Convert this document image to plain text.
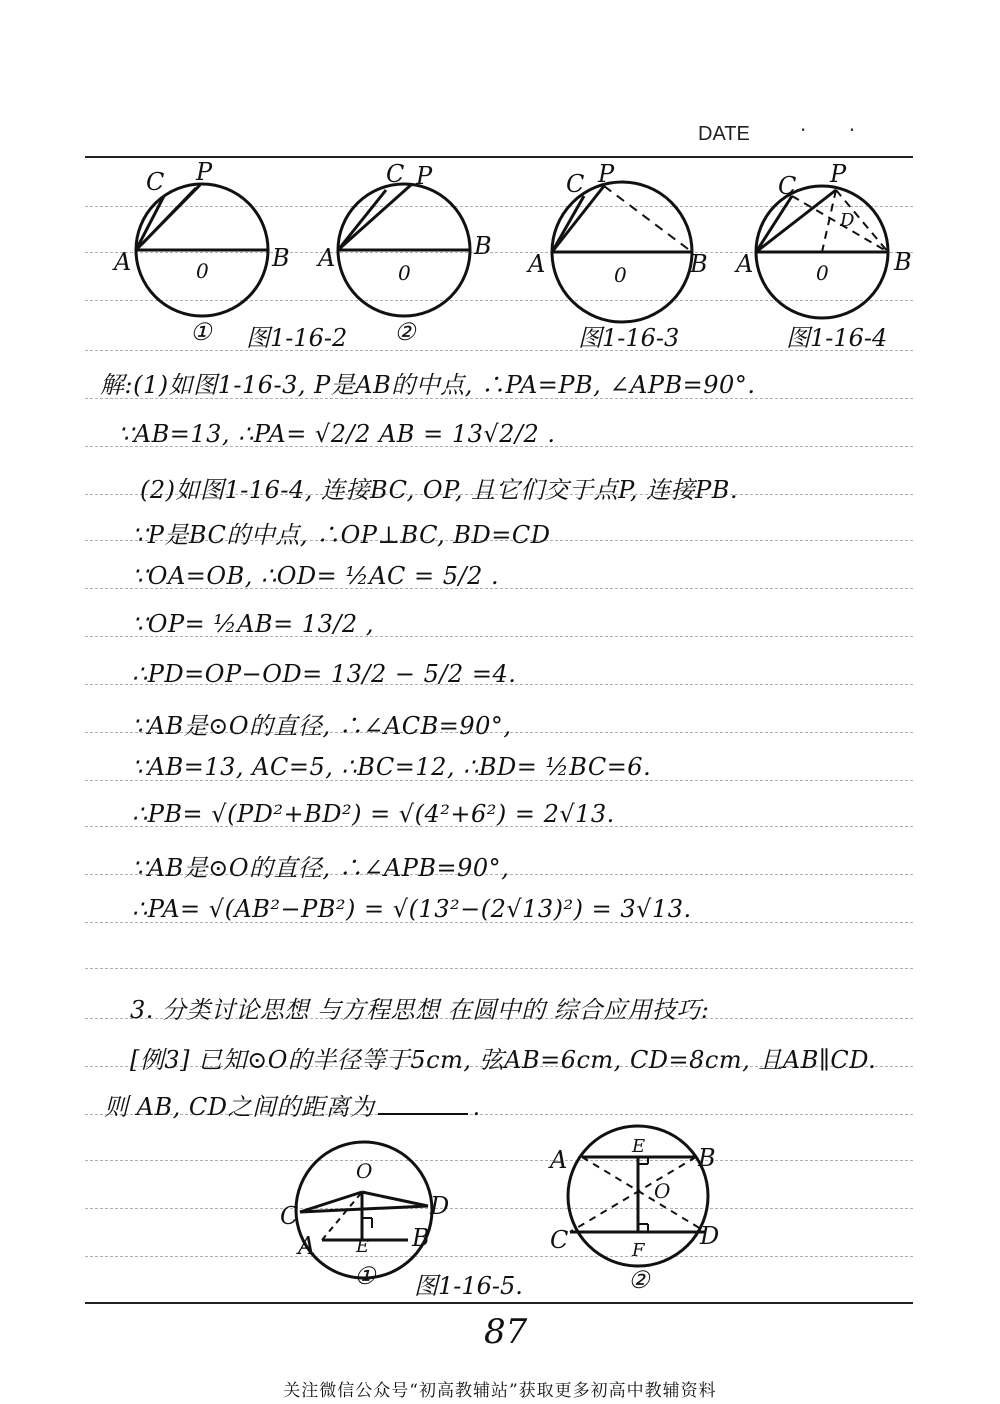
DATE	· ·
C P
A	B
0
C P
A	B
0
C P
A	B
0
C P
A	B
0
D
① 图1-16-2 ②	图1-16-3	图1-16-4
O
C	D
A	B
E
① 图1-16-5.
A	B
E
O
C	D
F
②
解:(1)如图1-16-3, P是AB的中点, ∴PA=PB, ∠APB=90°.
∵AB=13, ∴PA= √2/2 AB = 13√2/2 .
(2)如图1-16-4, 连接BC, OP, 且它们交于点P, 连接PB.
∵P是BC的中点, ∴OP⊥BC, BD=CD
∵OA=OB, ∴OD= ½AC = 5/2 .
∵OP= ½AB= 13/2 ,
∴PD=OP−OD= 13/2 − 5/2 =4.
∵AB是⊙O的直径, ∴∠ACB=90°,
∵AB=13, AC=5, ∴BC=12, ∴BD= ½BC=6.
∴PB= √(PD²+BD²) = √(4²+6²) = 2√13.
∵AB是⊙O的直径, ∴∠APB=90°,
∴PA= √(AB²−PB²) = √(13²−(2√13)²) = 3√13.
3. 分类讨论思想 与方程思想 在圆中的 综合应用技巧:
[例3] 已知⊙O的半径等于5cm, 弦AB=6cm, CD=8cm, 且AB∥CD.
则 AB, CD之间的距离为	.
87
关注微信公众号“初高教辅站”获取更多初高中教辅资料
